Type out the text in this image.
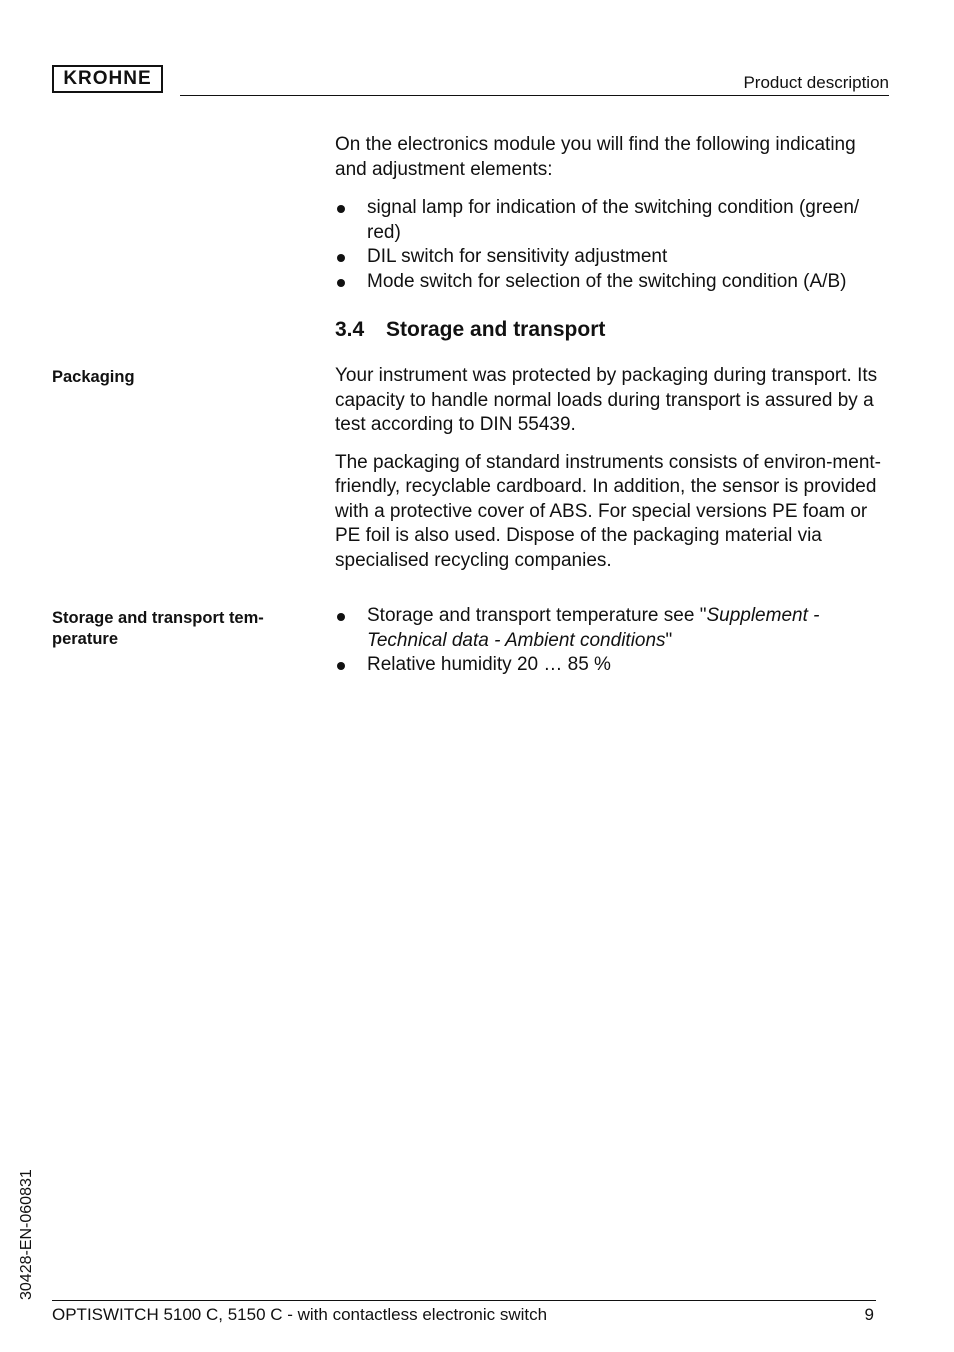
KROHNE	Product description

On the electronics module you will find the following indicating and adjustment elements:

signal lamp for indication of the switching condition (green/ red)
DIL switch for sensitivity adjustment
Mode switch for selection of the switching condition (A/B)
3.4 Storage and transport
Packaging	Your instrument was protected by packaging during transport. Its capacity to handle normal loads during transport is assured by a test according to DIN 55439.

The packaging of standard instruments consists of environ-ment-friendly, recyclable cardboard. In addition, the sensor is provided with a protective cover of ABS. For special versions PE foam or PE foil is also used. Dispose of the packaging material via specialised recycling companies.

Storage and transport tem-perature
Storage and transport temperature see "Supplement - Technical data - Ambient conditions"
Relative humidity 20 … 85 %
30428-EN-060831
OPTISWITCH 5100 C, 5150 C - with contactless electronic switch	9
